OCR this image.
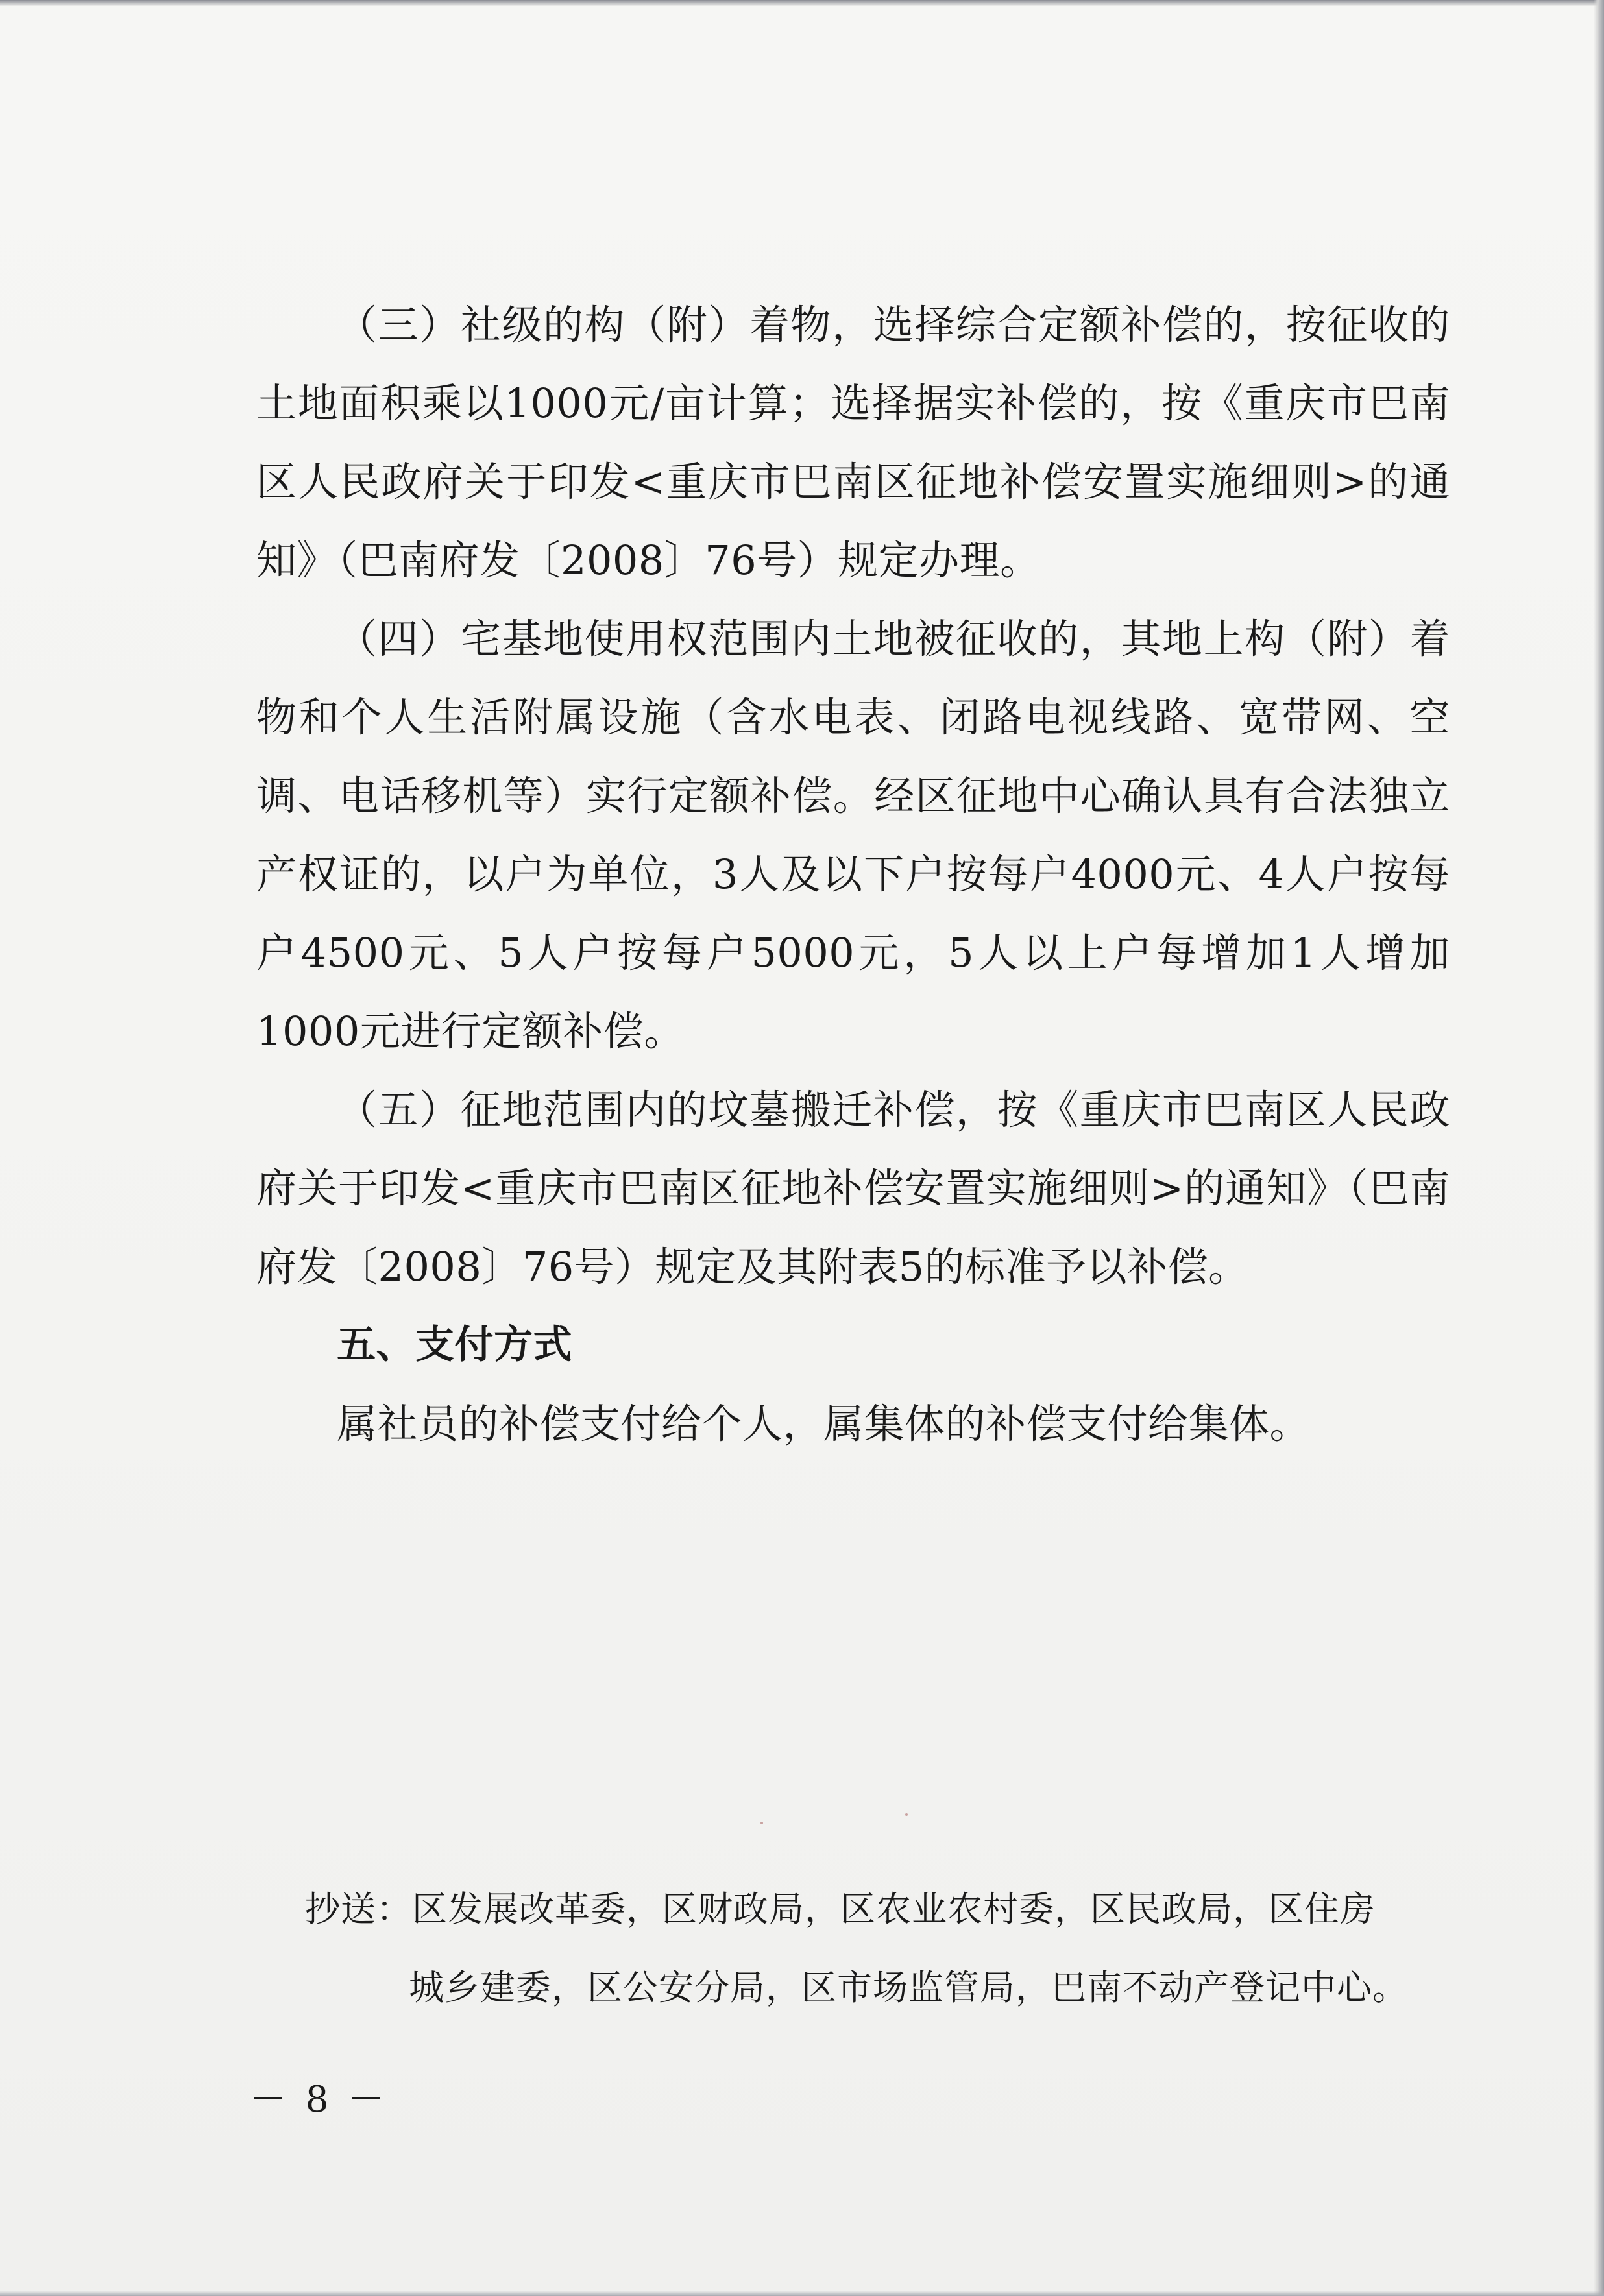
（三）社级的构（附）着物，选择综合定额补偿的，按征收的土地面积乘以1000元/亩计算；选择据实补偿的，按《重庆市巴南区人民政府关于印发<重庆市巴南区征地补偿安置实施细则>的通知》（巴南府发〔2008〕76号）规定办理。

（四）宅基地使用权范围内土地被征收的，其地上构（附）着物和个人生活附属设施（含水电表、闭路电视线路、宽带网、空调、电话移机等）实行定额补偿。经区征地中心确认具有合法独立产权证的，以户为单位，3人及以下户按每户4000元、4人户按每户4500元、5人户按每户5000元，5人以上户每增加1人增加1000元进行定额补偿。

（五）征地范围内的坟墓搬迁补偿，按《重庆市巴南区人民政府关于印发<重庆市巴南区征地补偿安置实施细则>的通知》（巴南府发〔2008〕76号）规定及其附表5的标准予以补偿。

五、支付方式

属社员的补偿支付给个人，属集体的补偿支付给集体。

抄送：区发展改革委，区财政局，区农业农村委，区民政局，区住房
城乡建委，区公安分局，区市场监管局，巴南不动产登记中心。
－ 8 －
